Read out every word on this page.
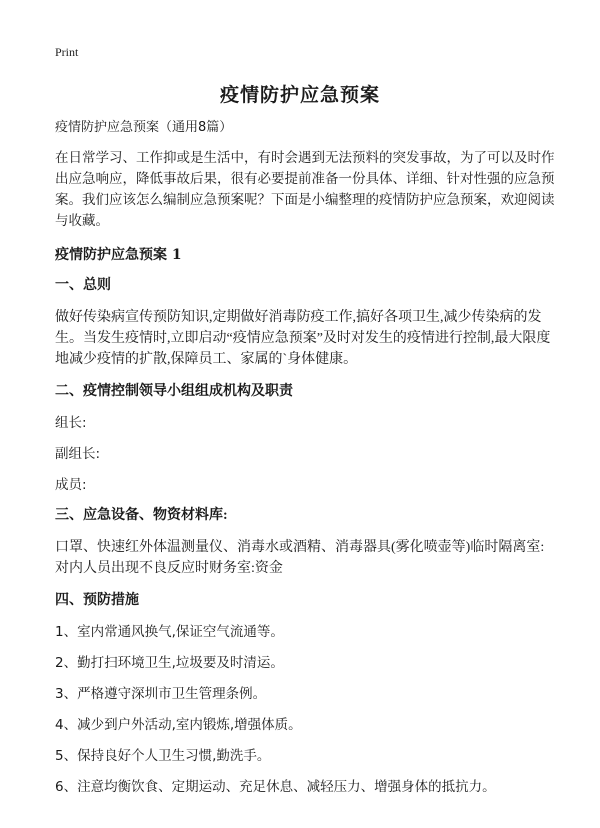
Print
疫情防护应急预案

疫情防护应急预案（通用8篇）

在日常学习、工作抑或是生活中，有时会遇到无法预料的突发事故，为了可以及时作出应急响应，降低事故后果，很有必要提前准备一份具体、详细、针对性强的应急预案。我们应该怎么编制应急预案呢？下面是小编整理的疫情防护应急预案，欢迎阅读与收藏。

疫情防护应急预案 1

一、总则

做好传染病宣传预防知识,定期做好消毒防疫工作,搞好各项卫生,减少传染病的发生。当发生疫情时,立即启动“疫情应急预案”及时对发生的疫情进行控制,最大限度地减少疫情的扩散,保障员工、家属的`身体健康。

二、疫情控制领导小组组成机构及职责

组长:

副组长:

成员:

三、应急设备、物资材料库:

口罩、快速红外体温测量仪、消毒水或酒精、消毒器具(雾化喷壶等)临时隔离室:对内人员出现不良反应时财务室:资金

四、预防措施

1、室内常通风换气,保证空气流通等。

2、勤打扫环境卫生,垃圾要及时清运。

3、严格遵守深圳市卫生管理条例。

4、减少到户外活动,室内锻炼,增强体质。

5、保持良好个人卫生习惯,勤洗手。

6、注意均衡饮食、定期运动、充足休息、减轻压力、增强身体的抵抗力。
